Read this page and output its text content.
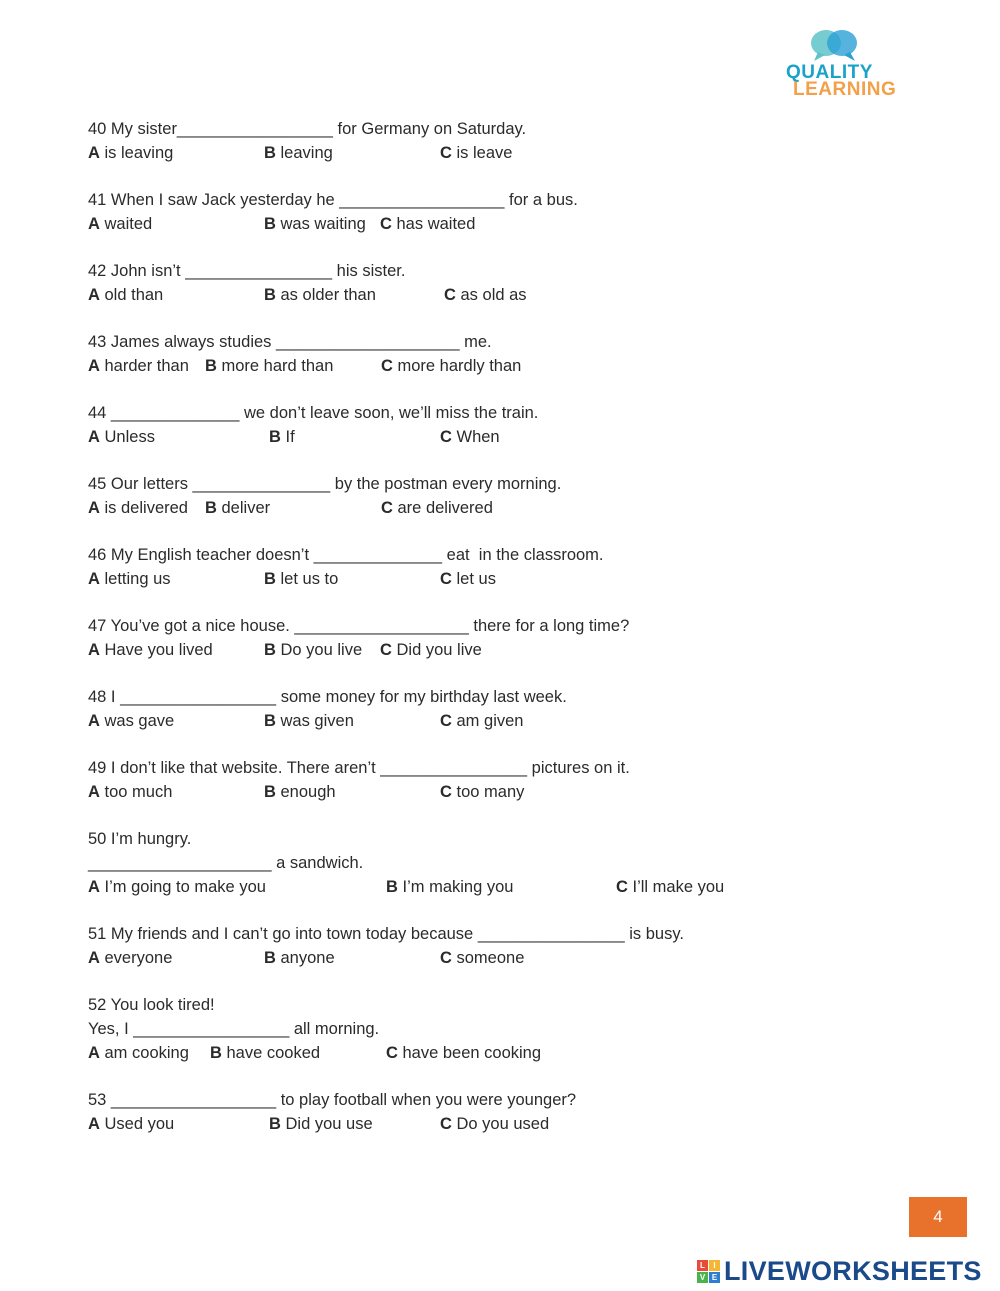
QUALITY
LEARNING
40 My sister_________________ for Germany on Saturday.
A is leaving	B leaving	C is leave
41 When I saw Jack yesterday he __________________ for a bus.
A waited	B was waiting C has waited
42 John isn’t ________________ his sister.
A old than	B as older than	C as old as
43 James always studies ____________________ me.
A harder than B more hard than	C more hardly than
44 ______________ we don’t leave soon, we’ll miss the train.
A Unless	B If	C When
45 Our letters _______________ by the postman every morning.
A is delivered B deliver	C are delivered
46 My English teacher doesn’t ______________ eat  in the classroom.
A letting us	B let us to	C let us
47 You’ve got a nice house. ___________________ there for a long time?
A Have you lived	B Do you live C Did you live
48 I _________________ some money for my birthday last week.
A was gave	B was given	C am given
49 I don’t like that website. There aren’t ________________ pictures on it.
A too much	B enough	C too many
50 I’m hungry.
____________________ a sandwich.
A I’m going to make you	B I’m making you	C I’ll make you
51 My friends and I can’t go into town today because ________________ is busy.
A everyone	B anyone	C someone
52 You look tired!
Yes, I _________________ all morning.
A am cooking B have cooked	C have been cooking
53 __________________ to play football when you were younger?
A Used you	B Did you use	C Do you used
4
L	I
V E LIVEWORKSHEETS
